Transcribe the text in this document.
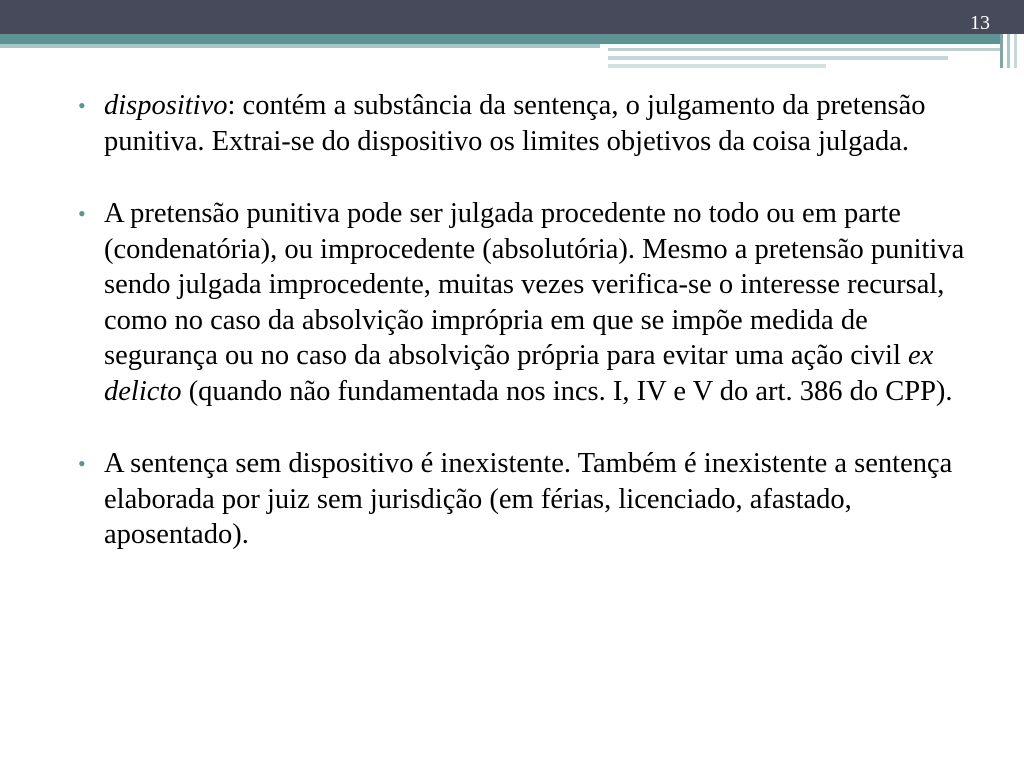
13
• dispositivo: contém a substância da sentença, o julgamento da pretensão punitiva. Extrai-se do dispositivo os limites objetivos da coisa julgada.
• A pretensão punitiva pode ser julgada procedente no todo ou em parte (condenatória), ou improcedente (absolutória). Mesmo a pretensão punitiva sendo julgada improcedente, muitas vezes verifica-se o interesse recursal, como no caso da absolvição imprópria em que se impõe medida de segurança ou no caso da absolvição própria para evitar uma ação civil ex delicto (quando não fundamentada nos incs. I, IV e V do art. 386 do CPP).
• A sentença sem dispositivo é inexistente. Também é inexistente a sentença elaborada por juiz sem jurisdição (em férias, licenciado, afastado, aposentado).
